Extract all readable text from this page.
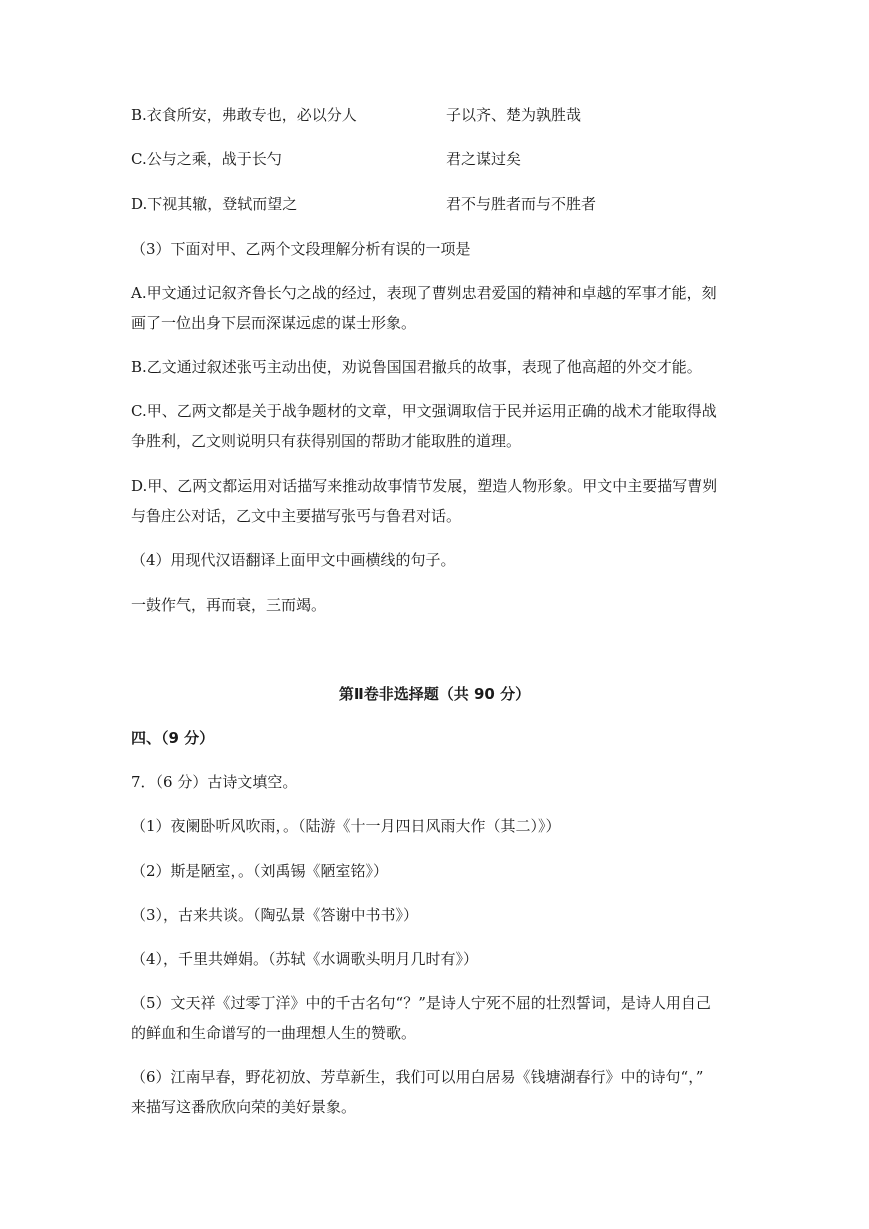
B.衣食所安，弗敢专也，必以分人	子以齐、楚为孰胜哉
C.公与之乘，战于长勺	君之谋过矣
D.下视其辙，登轼而望之	君不与胜者而与不胜者
（3）下面对甲、乙两个文段理解分析有误的一项是
A.甲文通过记叙齐鲁长勺之战的经过，表现了曹刿忠君爱国的精神和卓越的军事才能，刻
画了一位出身下层而深谋远虑的谋士形象。
B.乙文通过叙述张丐主动出使，劝说鲁国国君撤兵的故事，表现了他高超的外交才能。
C.甲、乙两文都是关于战争题材的文章，甲文强调取信于民并运用正确的战术才能取得战
争胜利，乙文则说明只有获得别国的帮助才能取胜的道理。
D.甲、乙两文都运用对话描写来推动故事情节发展，塑造人物形象。甲文中主要描写曹刿
与鲁庄公对话，乙文中主要描写张丐与鲁君对话。
（4）用现代汉语翻译上面甲文中画横线的句子。
一鼓作气，再而衰，三而竭。
第Ⅱ卷非选择题（共 90 分）
四、（9 分）
7．（6 分）古诗文填空。
（1）夜阑卧听风吹雨，。（陆游《十一月四日风雨大作（其二）》）
（2）斯是陋室，。（刘禹锡《陋室铭》）
（3），古来共谈。（陶弘景《答谢中书书》）
（4），千里共婵娟。（苏轼《水调歌头明月几时有》）
（5）文天祥《过零丁洋》中的千古名句“？”是诗人宁死不屈的壮烈誓词，是诗人用自己
的鲜血和生命谱写的一曲理想人生的赞歌。
（6）江南早春，野花初放、芳草新生，我们可以用白居易《钱塘湖春行》中的诗句“，”
来描写这番欣欣向荣的美好景象。
